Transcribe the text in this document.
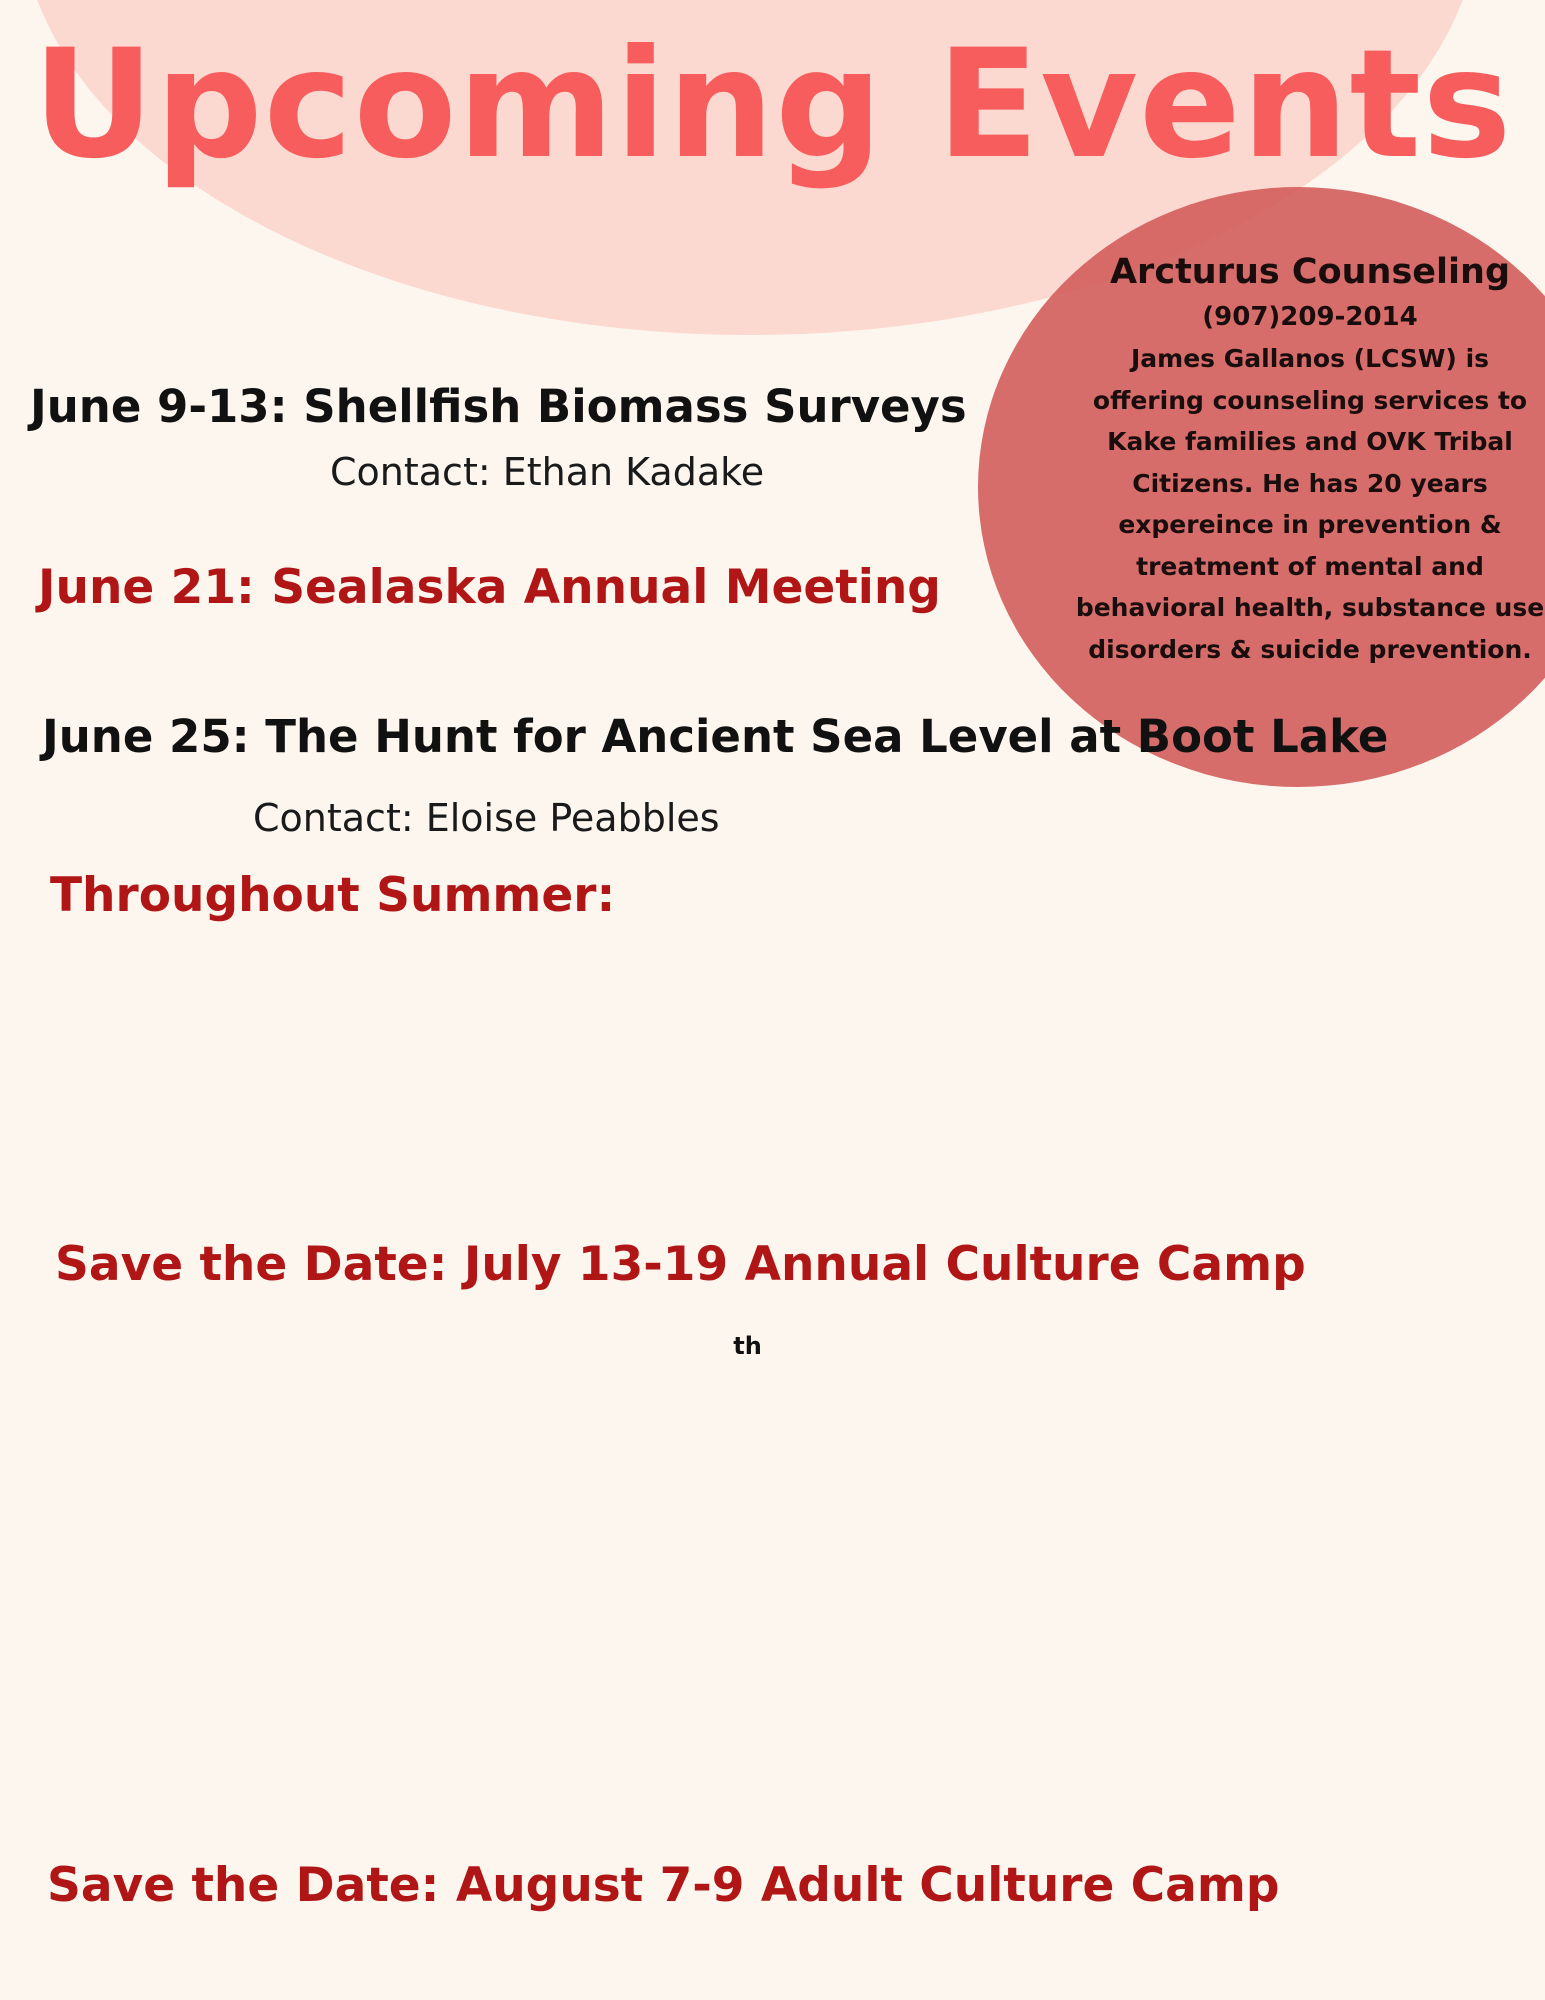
Upcoming Events
Arcturus Counseling
(907)209-2014
James Gallanos (LCSW) is
offering counseling services to
Kake families and OVK Tribal
Citizens. He has 20 years
expereince in prevention &
treatment of mental and
behavioral health, substance use
disorders & suicide prevention.
June 9-13: Shellfish Biomass Surveys
Contact: Ethan Kadake
June 21: Sealaska Annual Meeting
June 25: The Hunt for Ancient Sea Level at Boot Lake
Contact: Eloise Peabbles
Throughout Summer:
Save the Date: July 13-19 Annual Culture Camp
$^{th}$
Save the Date: August 7-9 Adult Culture Camp
